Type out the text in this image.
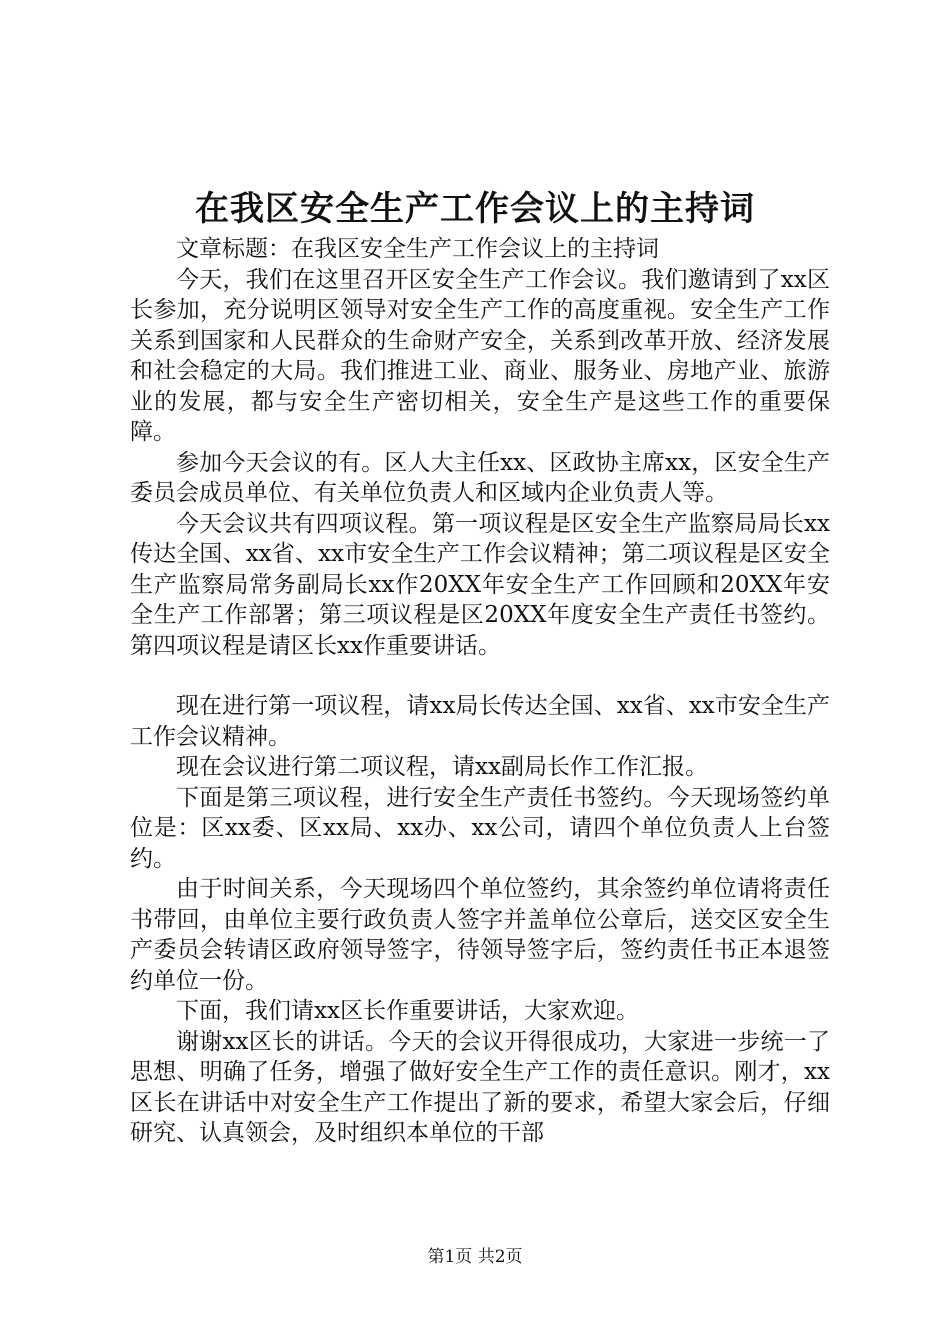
在我区安全生产工作会议上的主持词

文章标题：在我区安全生产工作会议上的主持词

今天，我们在这里召开区安全生产工作会议。我们邀请到了xx区长参加，充分说明区领导对安全生产工作的高度重视。安全生产工作关系到国家和人民群众的生命财产安全，关系到改革开放、经济发展和社会稳定的大局。我们推进工业、商业、服务业、房地产业、旅游业的发展，都与安全生产密切相关，安全生产是这些工作的重要保障。

参加今天会议的有。区人大主任xx、区政协主席xx，区安全生产委员会成员单位、有关单位负责人和区域内企业负责人等。

今天会议共有四项议程。第一项议程是区安全生产监察局局长xx传达全国、xx省、xx市安全生产工作会议精神；第二项议程是区安全生产监察局常务副局长xx作20XX年安全生产工作回顾和20XX年安全生产工作部署；第三项议程是区20XX年度安全生产责任书签约。第四项议程是请区长xx作重要讲话。

现在进行第一项议程，请xx局长传达全国、xx省、xx市安全生产工作会议精神。

现在会议进行第二项议程，请xx副局长作工作汇报。

下面是第三项议程，进行安全生产责任书签约。今天现场签约单位是：区xx委、区xx局、xx办、xx公司，请四个单位负责人上台签约。

由于时间关系，今天现场四个单位签约，其余签约单位请将责任书带回，由单位主要行政负责人签字并盖单位公章后，送交区安全生产委员会转请区政府领导签字，待领导签字后，签约责任书正本退签约单位一份。

下面，我们请xx区长作重要讲话，大家欢迎。

谢谢xx区长的讲话。今天的会议开得很成功，大家进一步统一了思想、明确了任务，增强了做好安全生产工作的责任意识。刚才，xx区长在讲话中对安全生产工作提出了新的要求，希望大家会后，仔细研究、认真领会，及时组织本单位的干部

第1页 共2页
